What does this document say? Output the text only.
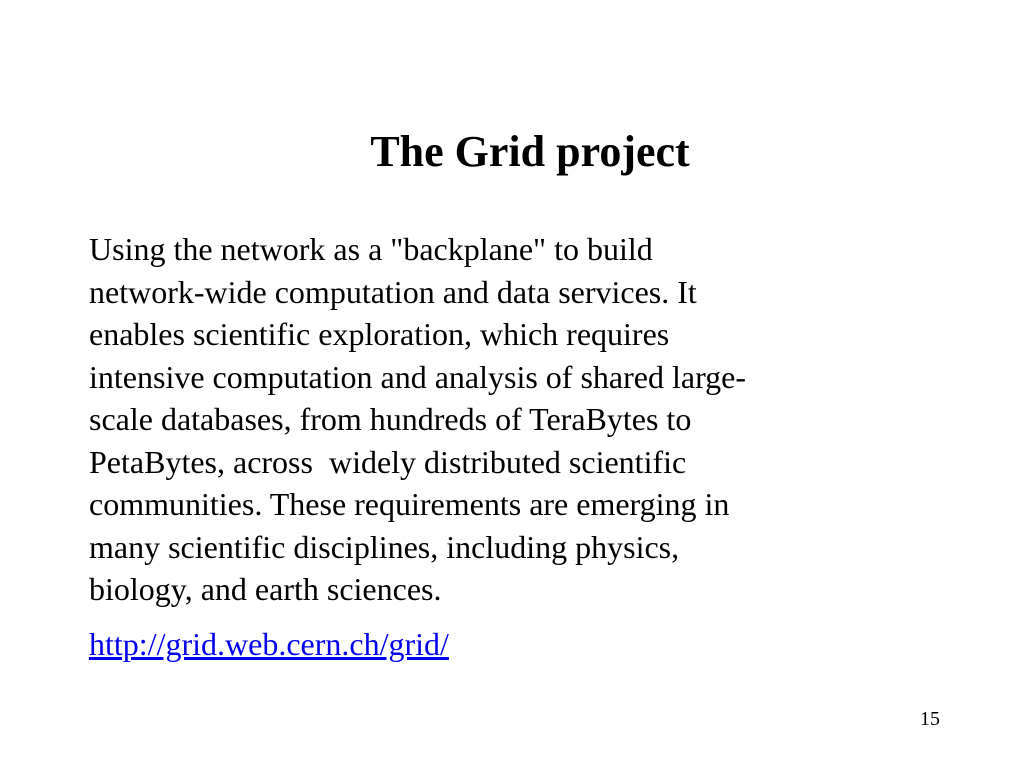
The Grid project
Using the network as a "backplane" to build
network-wide computation and data services. It
enables scientific exploration, which requires
intensive computation and analysis of shared large-
scale databases, from hundreds of TeraBytes to
PetaBytes, across  widely distributed scientific
communities. These requirements are emerging in
many scientific disciplines, including physics,
biology, and earth sciences.
http://grid.web.cern.ch/grid/
15
